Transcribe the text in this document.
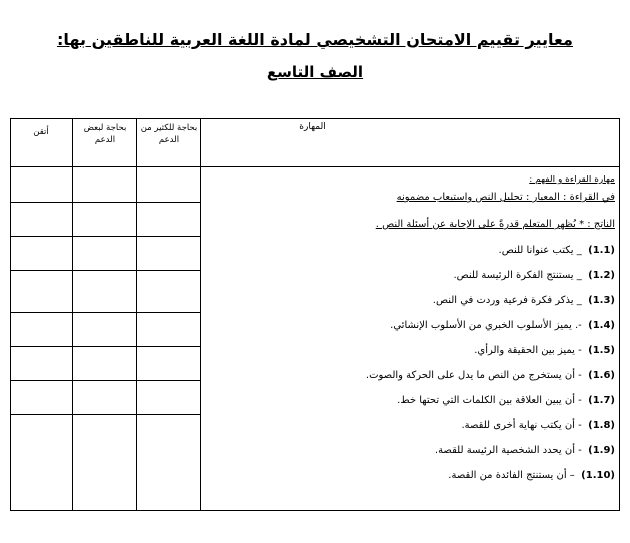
معايير تقييم الامتحان التشخيصي لمادة اللغة العربية للناطقين بها:
الصف التاسع
أتقن	بحاجة لبعض الدعم
بحاجة للكثير من الدعم
المهارة
مهارة القراءة و الفهم :
في القراءة : المعيار : تحليل النص واستيعاب مضمونه
الناتج : * يُظهر المتعلم قدرةً على الإجابة عن أسئلة النص .
(1.1)  _ يكتب عنوانا للنص.
(1.2)  _ يستنتج الفكرة الرئيسة للنص.
(1.3)  _ يذكر فكرة فرعية وردت في النص.
(1.4)  -. يميز الأسلوب الخبري من الأسلوب الإنشائي.
(1.5)  - يميز بين الحقيقة والرأي.
(1.6)  - أن يستخرج من النص ما يدل على الحركة والصوت.
(1.7)  - أن يبين العلاقة بين الكلمات التي تحتها خط.
(1.8)  - أن يكتب نهاية أخرى للقصة.
(1.9)  - أن يحدد الشخصية الرئيسة للقصة.
(1.10)  – أن يستنتج الفائدة من القصة.
